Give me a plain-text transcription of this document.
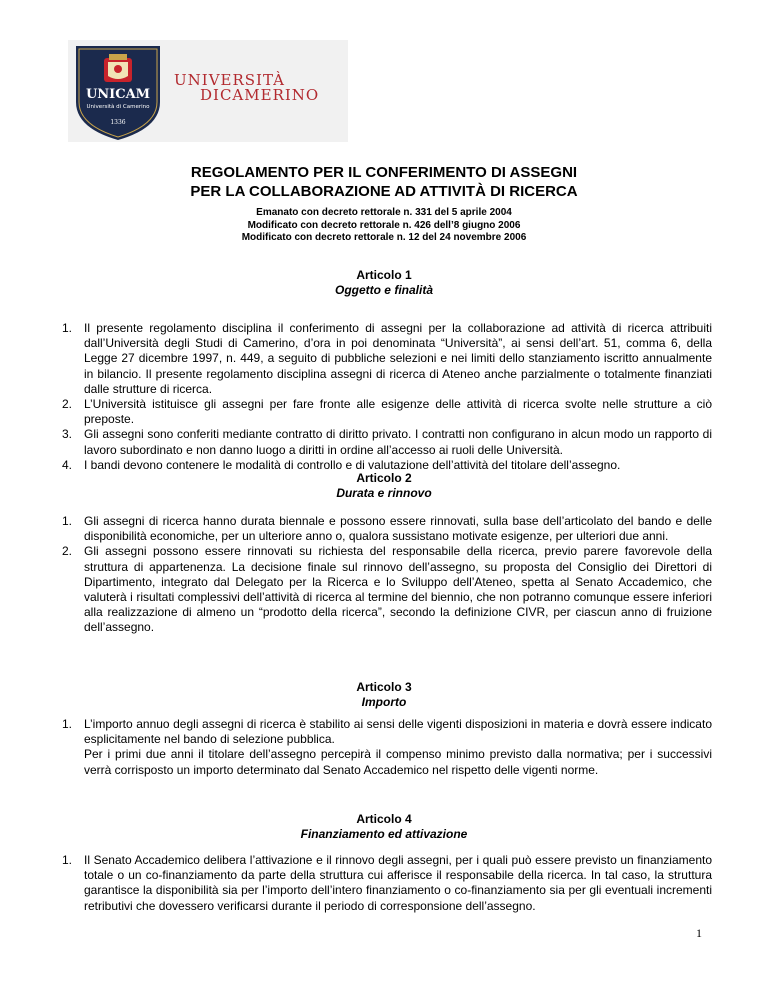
UNICAM
Università di Camerino
1336
UNIVERSITÀ
DICAMERINO
REGOLAMENTO PER IL CONFERIMENTO DI ASSEGNI
PER LA COLLABORAZIONE AD ATTIVITÀ DI RICERCA
Emanato con decreto rettorale n. 331 del 5 aprile 2004
Modificato con decreto rettorale n. 426 dell’8 giugno 2006
Modificato con decreto rettorale n. 12 del 24 novembre 2006
Articolo 1
Oggetto e finalità
1. Il presente regolamento disciplina il conferimento di assegni per la collaborazione ad attività di ricerca attribuiti dall’Università degli Studi di Camerino, d’ora in poi denominata “Università”, ai sensi dell’art. 51, comma 6, della Legge 27 dicembre 1997, n. 449, a seguito di pubbliche selezioni e nei limiti dello stanziamento iscritto annualmente in bilancio. Il presente regolamento disciplina assegni di ricerca di Ateneo anche parzialmente o totalmente finanziati dalle strutture di ricerca.
2. L’Università istituisce gli assegni per fare fronte alle esigenze delle attività di ricerca svolte nelle strutture a ciò preposte.
3. Gli assegni sono conferiti mediante contratto di diritto privato. I contratti non configurano in alcun modo un rapporto di lavoro subordinato e non danno luogo a diritti in ordine all’accesso ai ruoli delle Università.
4. I bandi devono contenere le modalità di controllo e di valutazione dell’attività del titolare dell’assegno.
Articolo 2
Durata e rinnovo
1. Gli assegni di ricerca hanno durata biennale e possono essere rinnovati, sulla base dell’articolato del bando e delle disponibilità economiche, per un ulteriore anno o, qualora sussistano motivate esigenze, per ulteriori due anni.
2. Gli assegni possono essere rinnovati su richiesta del responsabile della ricerca, previo parere favorevole della struttura di appartenenza. La decisione finale sul rinnovo dell’assegno, su proposta del Consiglio dei Direttori di Dipartimento, integrato dal Delegato per la Ricerca e lo Sviluppo dell’Ateneo, spetta al Senato Accademico, che valuterà i risultati complessivi dell’attività di ricerca al termine del biennio, che non potranno comunque essere inferiori alla realizzazione di almeno un “prodotto della ricerca”, secondo la definizione CIVR, per ciascun anno di fruizione dell’assegno.
Articolo 3
Importo
1. L’importo annuo degli assegni di ricerca è stabilito ai sensi delle vigenti disposizioni in materia e dovrà essere indicato esplicitamente nel bando di selezione pubblica.
Per i primi due anni il titolare dell’assegno percepirà il compenso minimo previsto dalla normativa; per i successivi verrà corrisposto un importo determinato dal Senato Accademico nel rispetto delle vigenti norme.
Articolo 4
Finanziamento ed attivazione
1. Il Senato Accademico delibera l’attivazione e il rinnovo degli assegni, per i quali può essere previsto un finanziamento totale o un co-finanziamento da parte della struttura cui afferisce il responsabile della ricerca. In tal caso, la struttura garantisce la disponibilità sia per l’importo dell’intero finanziamento o co-finanziamento sia per gli eventuali incrementi retributivi che dovessero verificarsi durante il periodo di corresponsione dell’assegno.
1
